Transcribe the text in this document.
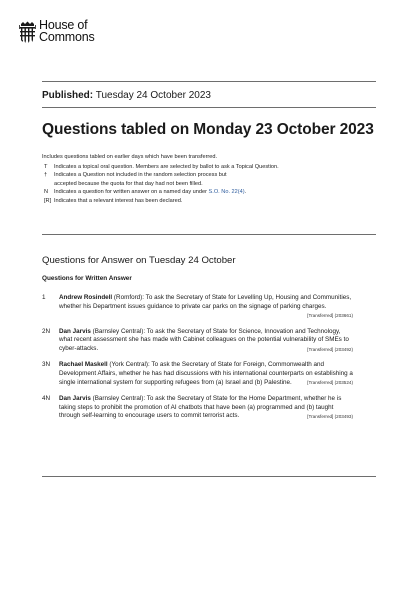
House of
Commons
Published: Tuesday 24 October 2023
Questions tabled on Monday 23 October 2023

Includes questions tabled on earlier days which have been transferred.

T	Indicates a topical oral question. Members are selected by ballot to ask a Topical Question.
†	Indicates a Question not included in the random selection process but accepted because the quota for that day had not been filled.
N	Indicates a question for written answer on a named day under S.O. No. 22(4).
[R] Indicates that a relevant interest has been declared.
Questions for Answer on Tuesday 24 October
Questions for Written Answer
1	Andrew Rosindell (Romford): To ask the Secretary of State for Levelling Up, Housing and Communities, whether his Department issues guidance to private car parks on the signage of parking charges.
[Transferred] (203661)
2N	Dan Jarvis (Barnsley Central): To ask the Secretary of State for Science, Innovation and Technology, what recent assessment she has made with Cabinet colleagues on the potential vulnerability of SMEs to cyber-attacks.	[Transferred] (203492)
3N	Rachael Maskell (York Central): To ask the Secretary of State for Foreign, Commonwealth and Development Affairs, whether he has had discussions with his international counterparts on establishing a single international system for supporting refugees from (a) Israel and (b) Palestine.	[Transferred] (203524)
4N	Dan Jarvis (Barnsley Central): To ask the Secretary of State for the Home Department, whether he is taking steps to prohibit the promotion of AI chatbots that have been (a) programmed and (b) taught through self-learning to encourage users to commit terrorist acts.	[Transferred] (203493)
